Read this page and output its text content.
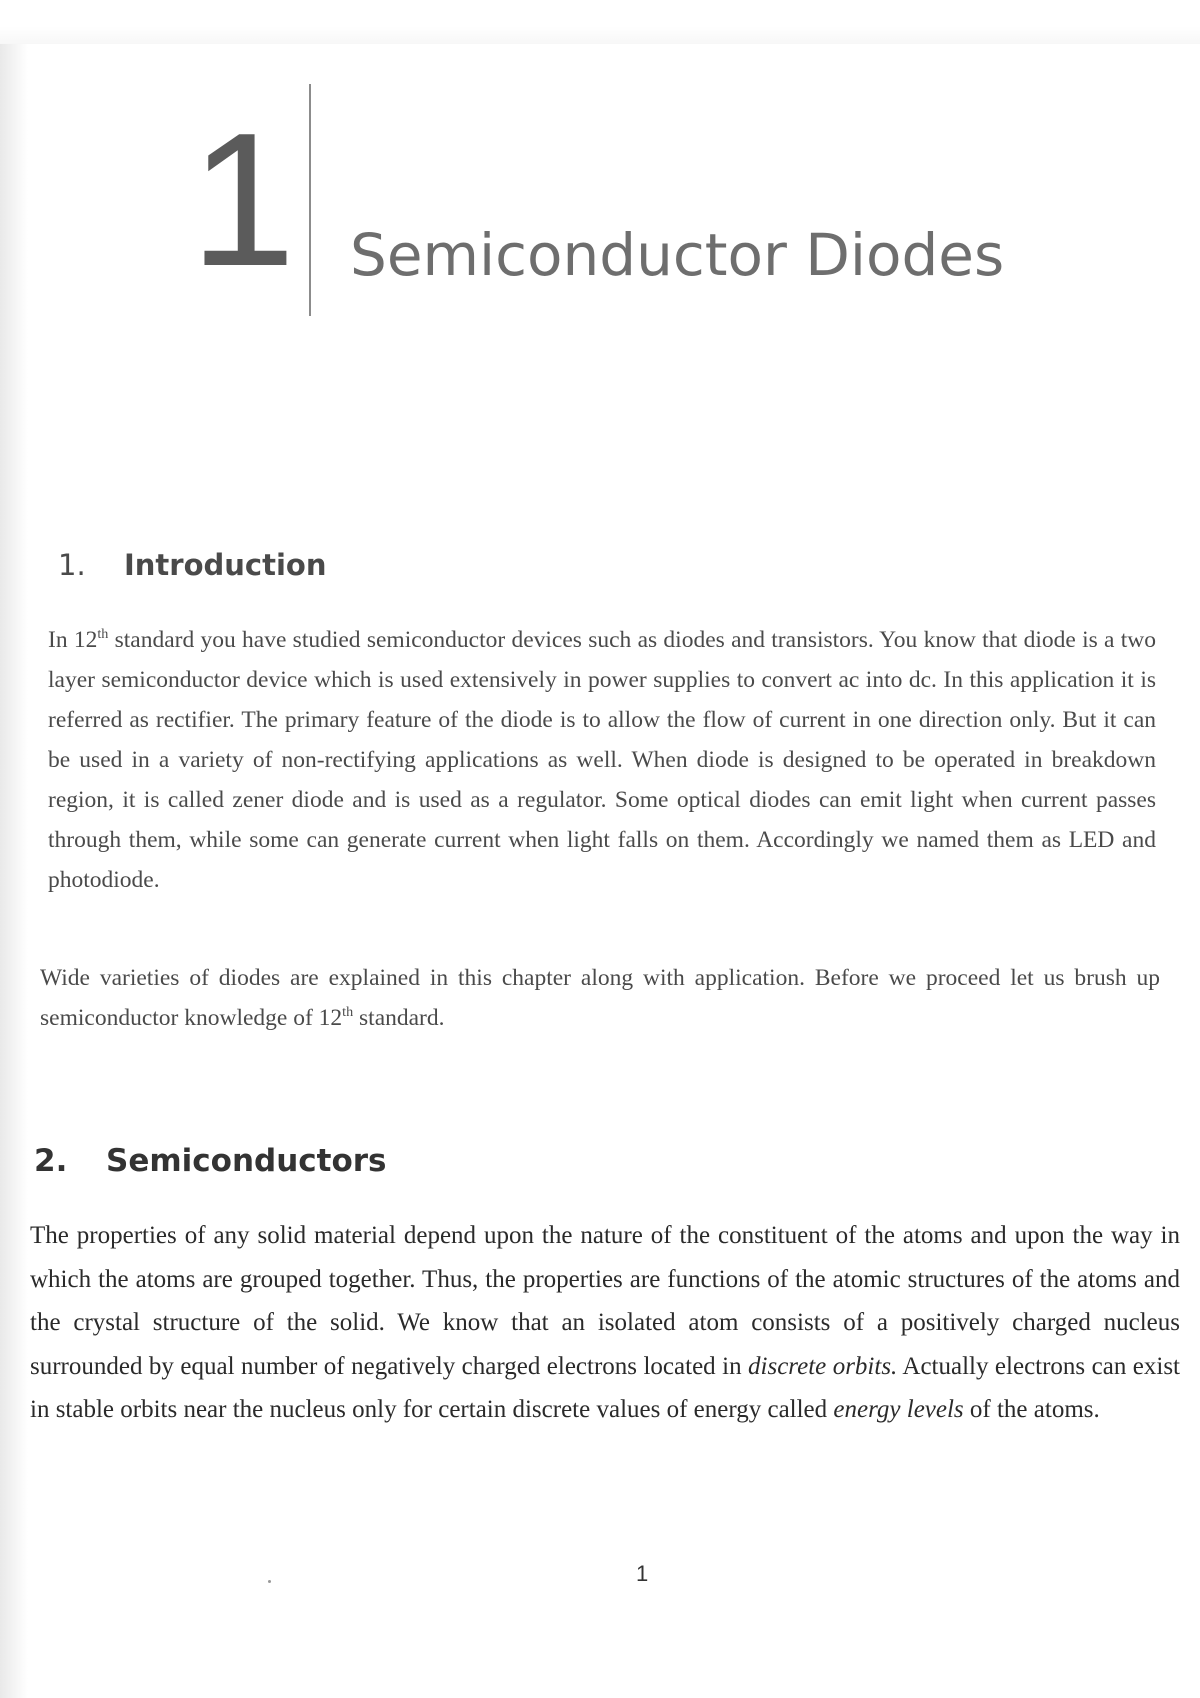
1 Semiconductor Diodes
1. Introduction

In 12th standard you have studied semiconductor devices such as diodes and transistors. You know that diode is a two layer semiconductor device which is used extensively in power supplies to convert ac into dc. In this application it is referred as rectifier. The primary feature of the diode is to allow the flow of current in one direction only. But it can be used in a variety of non-rectifying applications as well. When diode is designed to be operated in breakdown region, it is called zener diode and is used as a regulator. Some optical diodes can emit light when current passes through them, while some can generate current when light falls on them. Accordingly we named them as LED and photodiode.

Wide varieties of diodes are explained in this chapter along with application. Before we proceed let us brush up semiconductor knowledge of 12th standard.

2. Semiconductors

The properties of any solid material depend upon the nature of the constituent of the atoms and upon the way in which the atoms are grouped together. Thus, the properties are functions of the atomic structures of the atoms and the crystal structure of the solid. We know that an isolated atom consists of a positively charged nucleus surrounded by equal number of negatively charged electrons located in discrete orbits. Actually electrons can exist in stable orbits near the nucleus only for certain discrete values of energy called energy levels of the atoms.

1
